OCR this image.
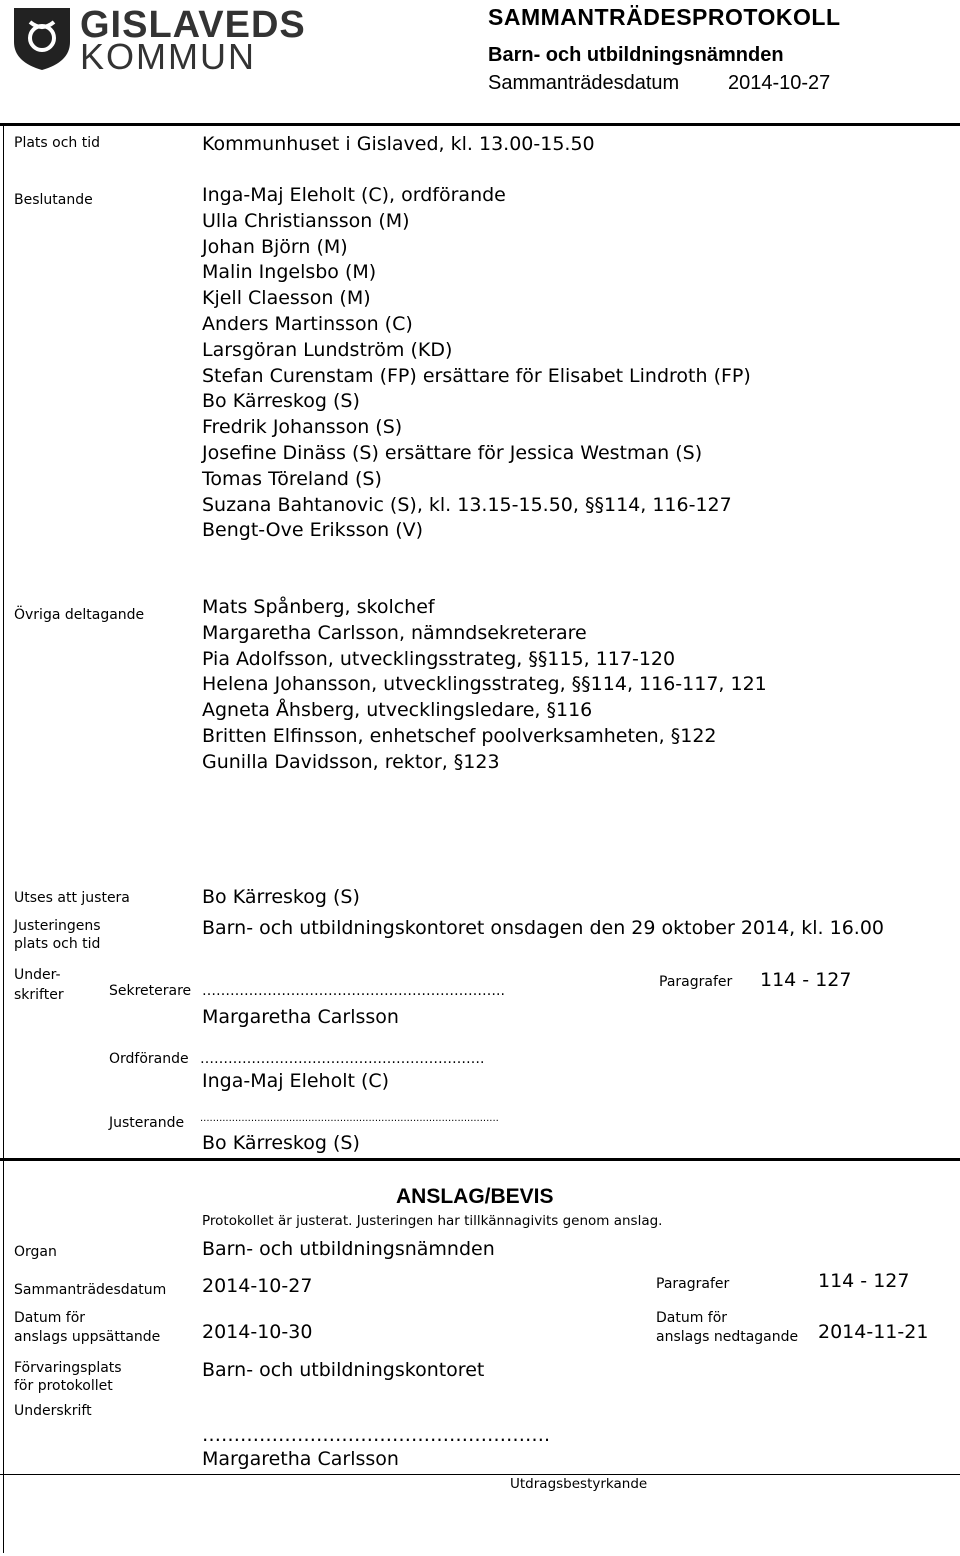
GISLAVEDS
KOMMUN
SAMMANTRÄDESPROTOKOLL
Barn- och utbildningsnämnden
Sammanträdesdatum 2014-10-27
Plats och tid	Kommunhuset i Gislaved, kl. 13.00-15.50
Beslutande	Inga-Maj Eleholt (C), ordförande
Ulla Christiansson (M)
Johan Björn (M)
Malin Ingelsbo (M)
Kjell Claesson (M)
Anders Martinsson (C)
Larsgöran Lundström (KD)
Stefan Curenstam (FP) ersättare för Elisabet Lindroth (FP)
Bo Kärreskog (S)
Fredrik Johansson (S)
Josefine Dinäss (S) ersättare för Jessica Westman (S)
Tomas Töreland (S)
Suzana Bahtanovic (S), kl. 13.15-15.50, §§114, 116-127
Bengt-Ove Eriksson (V)
Övriga deltagande	Mats Spånberg, skolchef
Margaretha Carlsson, nämndsekreterare
Pia Adolfsson, utvecklingsstrateg, §§115, 117-120
Helena Johansson, utvecklingsstrateg, §§114, 116-117, 121
Agneta Åhsberg, utvecklingsledare, §116
Britten Elfinsson, enhetschef poolverksamheten, §122
Gunilla Davidsson, rektor, §123
Utses att justera	Bo Kärreskog (S)
Justeringens
plats och tid
Barn- och utbildningskontoret onsdagen den 29 oktober 2014, kl. 16.00
Under-
skrifter	Sekreterare ………………………………………………………..
Margaretha Carlsson
Paragrafer 114 - 127
Ordförande …………………………………………………….
Inga-Maj Eleholt (C)
Justerande ..............................................................................................
Bo Kärreskog (S)
ANSLAG/BEVIS
Protokollet är justerat. Justeringen har tillkännagivits genom anslag.
Organ	Barn- och utbildningsnämnden
Sammanträdesdatum 2014-10-27	Paragrafer	114 - 127
Datum för
anslags uppsättande 2014-10-30
Datum för
anslags nedtagande 2014-11-21
Förvaringsplats
för protokollet
Barn- och utbildningskontoret
Underskrift
……………………………………………….
Margaretha Carlsson
Utdragsbestyrkande
